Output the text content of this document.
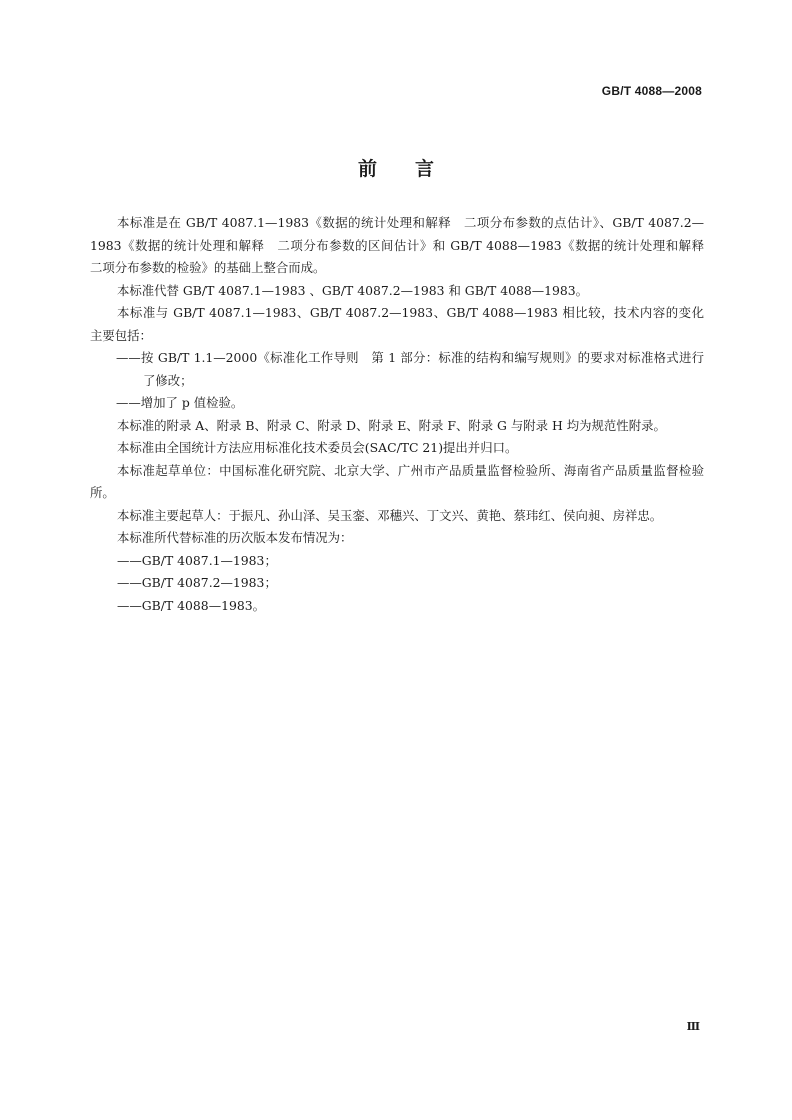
GB/T 4088—2008
前言

本标准是在 GB/T 4087.1—1983《数据的统计处理和解释　二项分布参数的点估计》、GB/T 4087.2—1983《数据的统计处理和解释　二项分布参数的区间估计》和 GB/T 4088—1983《数据的统计处理和解释　二项分布参数的检验》的基础上整合而成。

本标准代替 GB/T 4087.1—1983 、GB/T 4087.2—1983 和 GB/T 4088—1983。

本标准与 GB/T 4087.1—1983、GB/T 4087.2—1983、GB/T 4088—1983 相比较，技术内容的变化主要包括：

——按 GB/T 1.1—2000《标准化工作导则　第 1 部分：标准的结构和编写规则》的要求对标准格式进行了修改；

——增加了 p 值检验。

本标准的附录 A、附录 B、附录 C、附录 D、附录 E、附录 F、附录 G 与附录 H 均为规范性附录。

本标准由全国统计方法应用标准化技术委员会(SAC/TC 21)提出并归口。

本标准起草单位：中国标准化研究院、北京大学、广州市产品质量监督检验所、海南省产品质量监督检验所。

本标准主要起草人：于振凡、孙山泽、吴玉銮、邓穗兴、丁文兴、黄艳、蔡玮红、侯向昶、房祥忠。

本标准所代替标准的历次版本发布情况为：

——GB/T 4087.1—1983；

——GB/T 4087.2—1983；

——GB/T 4088—1983。

Ⅲ
